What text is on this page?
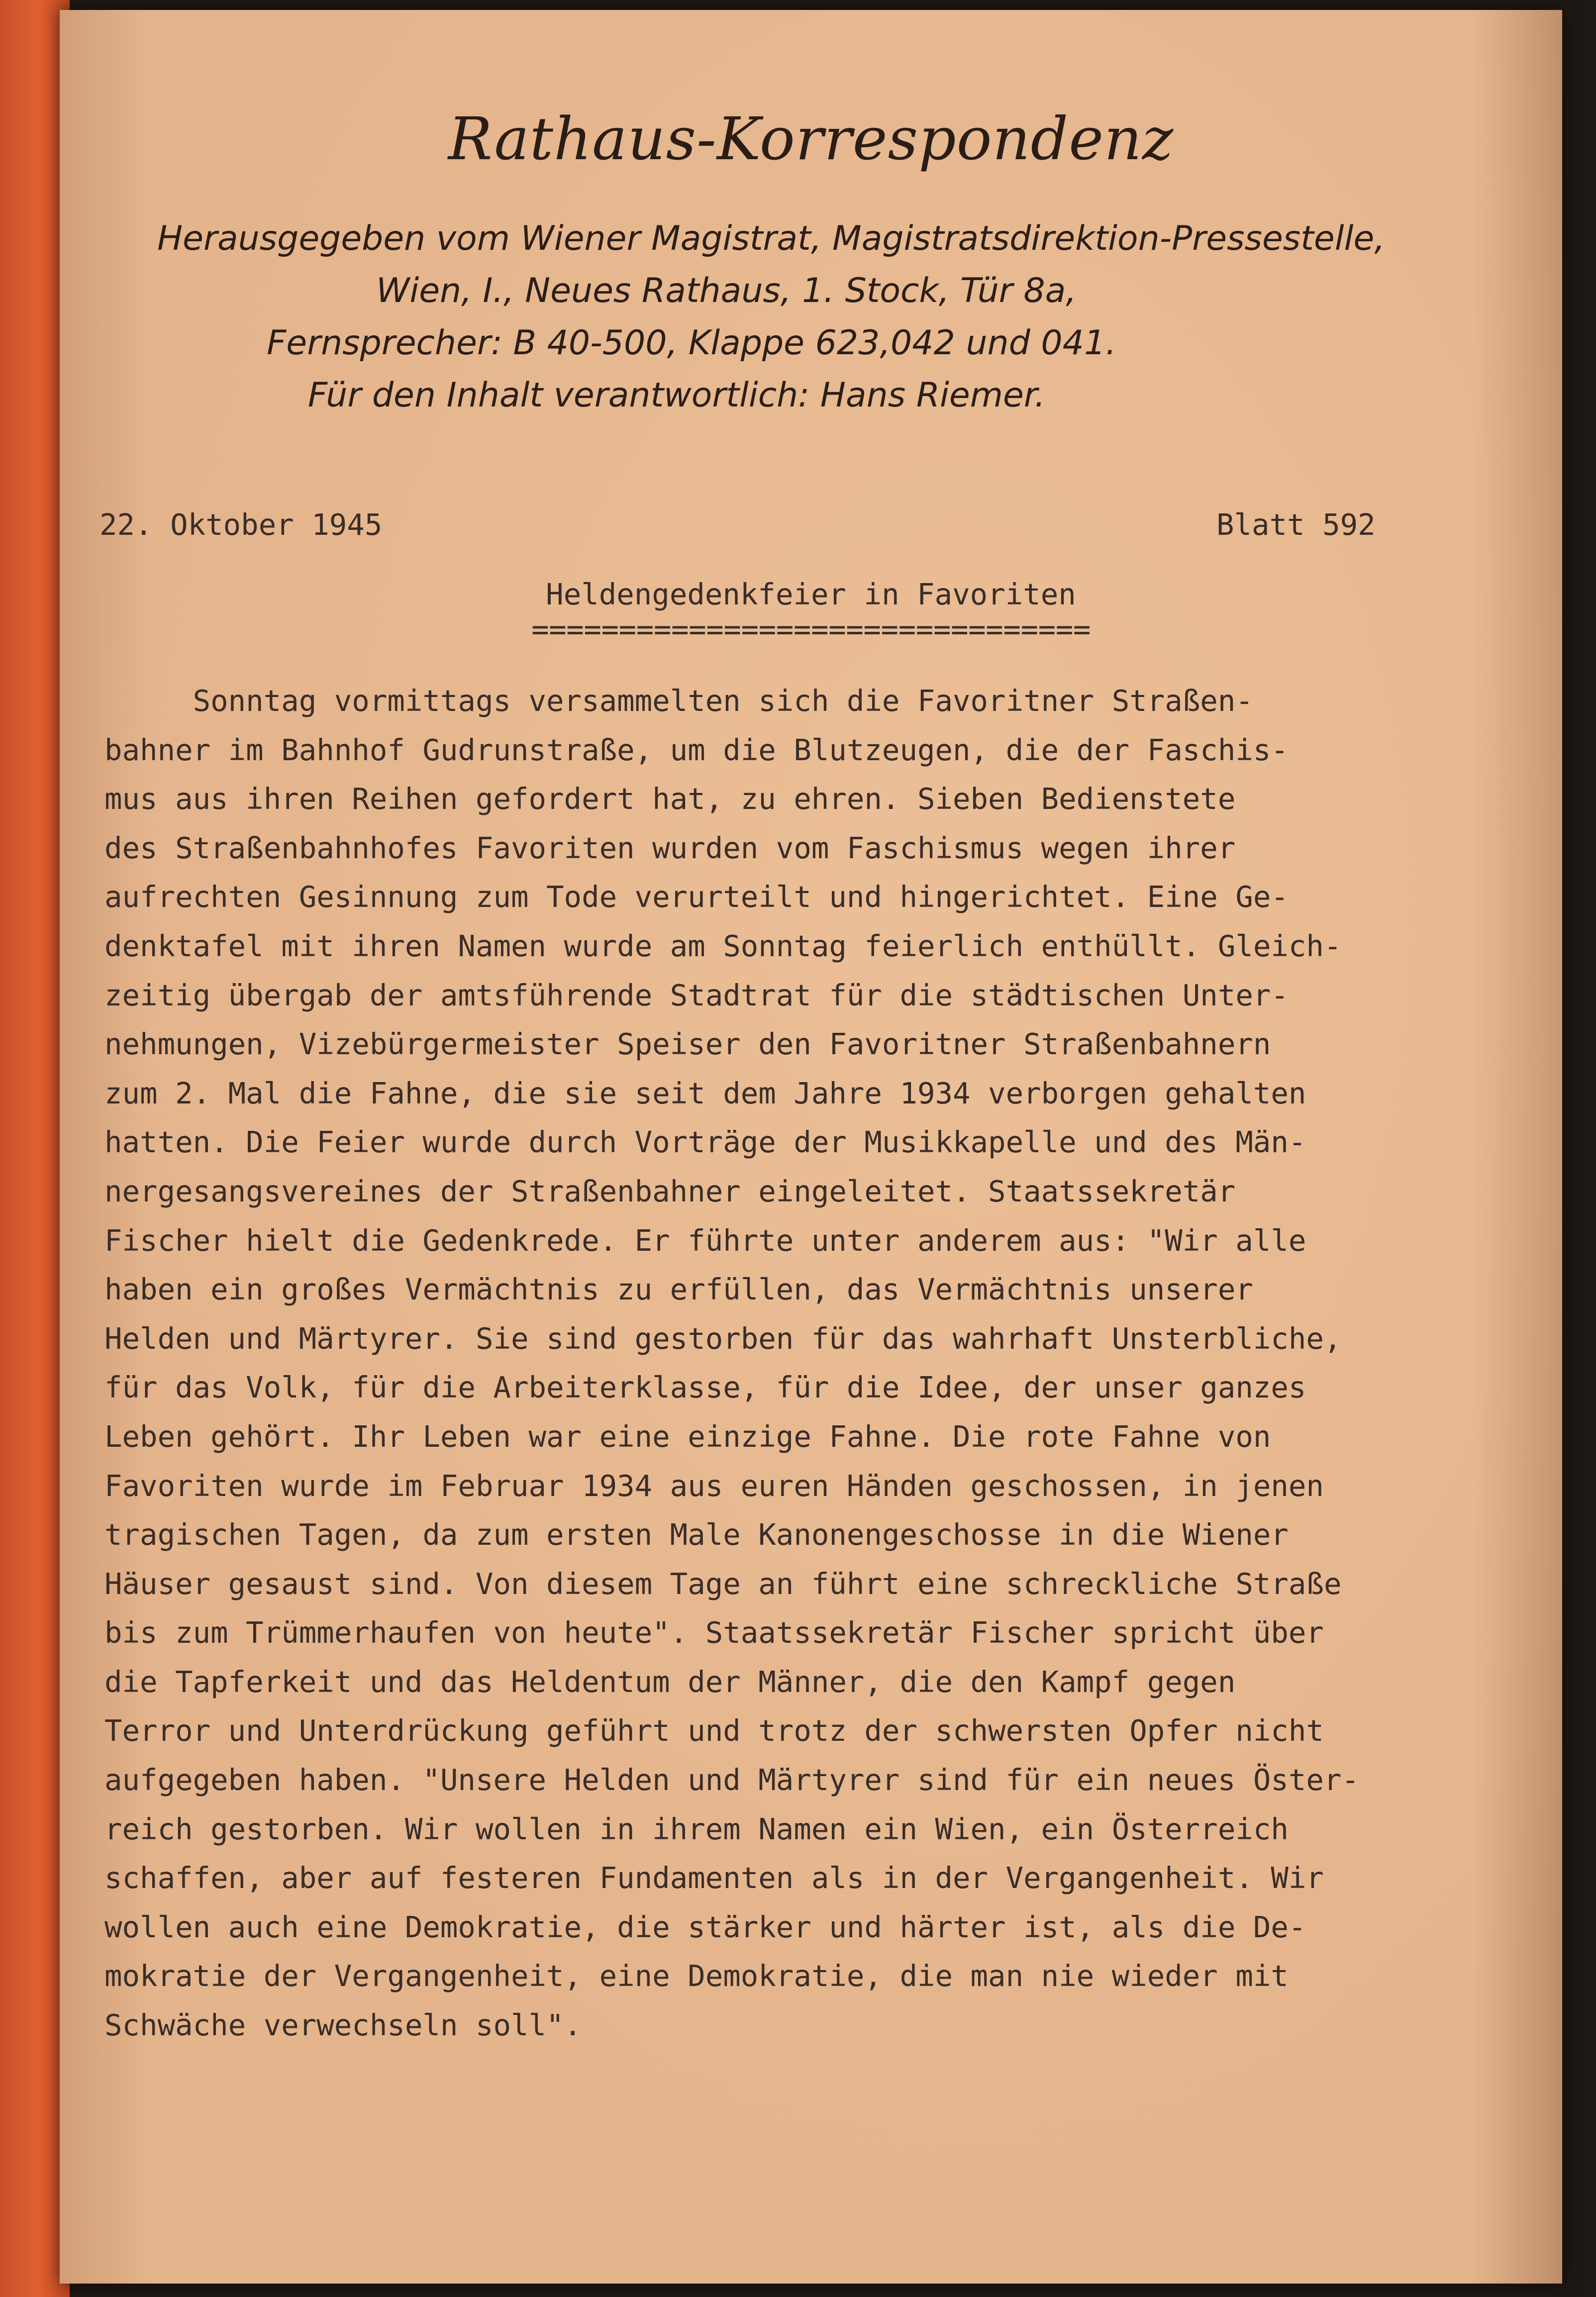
Rathaus-Korrespondenz
Herausgegeben vom Wiener Magistrat, Magistratsdirektion-Pressestelle,
Wien, I., Neues Rathaus, 1. Stock, Tür 8a,
Fernsprecher: B 40-500, Klappe 623,042 und 041.
Für den Inhalt verantwortlich: Hans Riemer.
22. Oktober 1945	Blatt 592
Heldengedenkfeier in Favoriten
================================
Sonntag vormittags versammelten sich die Favoritner Straßen-
bahner im Bahnhof Gudrunstraße, um die Blutzeugen, die der Faschis-
mus aus ihren Reihen gefordert hat, zu ehren. Sieben Bedienstete
des Straßenbahnhofes Favoriten wurden vom Faschismus wegen ihrer
aufrechten Gesinnung zum Tode verurteilt und hingerichtet. Eine Ge-
denktafel mit ihren Namen wurde am Sonntag feierlich enthüllt. Gleich-
zeitig übergab der amtsführende Stadtrat für die städtischen Unter-
nehmungen, Vizebürgermeister Speiser den Favoritner Straßenbahnern
zum 2. Mal die Fahne, die sie seit dem Jahre 1934 verborgen gehalten
hatten. Die Feier wurde durch Vorträge der Musikkapelle und des Män-
nergesangsvereines der Straßenbahner eingeleitet. Staatssekretär
Fischer hielt die Gedenkrede. Er führte unter anderem aus: "Wir alle
haben ein großes Vermächtnis zu erfüllen, das Vermächtnis unserer
Helden und Märtyrer. Sie sind gestorben für das wahrhaft Unsterbliche,
für das Volk, für die Arbeiterklasse, für die Idee, der unser ganzes
Leben gehört. Ihr Leben war eine einzige Fahne. Die rote Fahne von
Favoriten wurde im Februar 1934 aus euren Händen geschossen, in jenen
tragischen Tagen, da zum ersten Male Kanonengeschosse in die Wiener
Häuser gesaust sind. Von diesem Tage an führt eine schreckliche Straße
bis zum Trümmerhaufen von heute". Staatssekretär Fischer spricht über
die Tapferkeit und das Heldentum der Männer, die den Kampf gegen
Terror und Unterdrückung geführt und trotz der schwersten Opfer nicht
aufgegeben haben. "Unsere Helden und Märtyrer sind für ein neues Öster-
reich gestorben. Wir wollen in ihrem Namen ein Wien, ein Österreich
schaffen, aber auf festeren Fundamenten als in der Vergangenheit. Wir
wollen auch eine Demokratie, die stärker und härter ist, als die De-
mokratie der Vergangenheit, eine Demokratie, die man nie wieder mit
Schwäche verwechseln soll".
